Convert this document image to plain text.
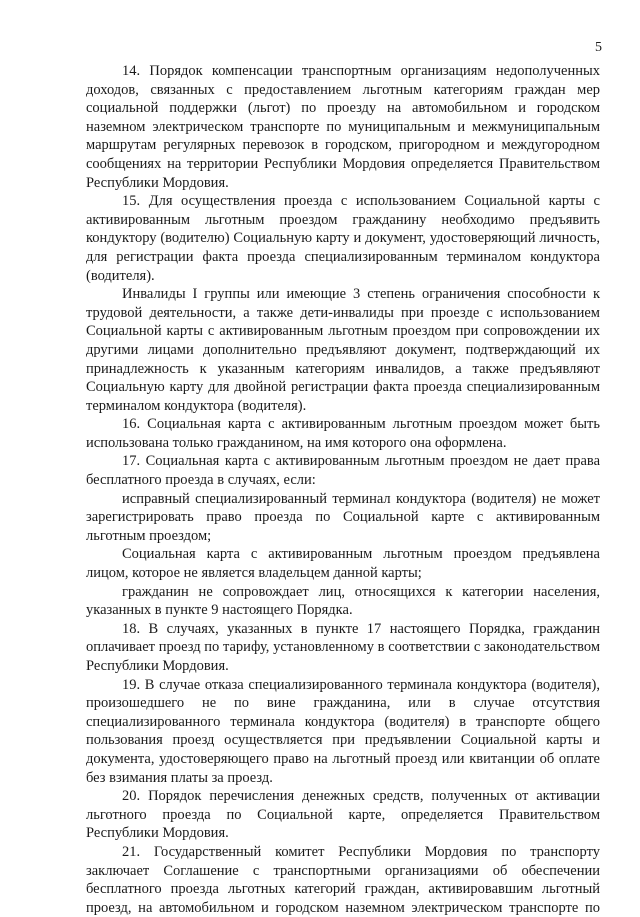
5

14. Порядок компенсации транспортным организациям недополученных доходов, связанных с предоставлением льготным категориям граждан мер социальной поддержки (льгот) по проезду на автомобильном и городском наземном электрическом транспорте по муниципальным и межмуниципальным маршрутам регулярных перевозок в городском, пригородном и междугородном сообщениях на территории Республики Мордовия определяется Правительством Республики Мордовия.

15. Для осуществления проезда с использованием Социальной карты с активированным льготным проездом гражданину необходимо предъявить кондуктору (водителю) Социальную карту и документ, удостоверяющий личность, для регистрации факта проезда специализированным терминалом кондуктора (водителя).

Инвалиды I группы или имеющие 3 степень ограничения способности к трудовой деятельности, а также дети-инвалиды при проезде с использованием Социальной карты с активированным льготным проездом при сопровождении их другими лицами дополнительно предъявляют документ, подтверждающий их принадлежность к указанным категориям инвалидов, а также предъявляют Социальную карту для двойной регистрации факта проезда специализированным терминалом кондуктора (водителя).

16. Социальная карта с активированным льготным проездом может быть использована только гражданином, на имя которого она оформлена.

17. Социальная карта с активированным льготным проездом не дает права бесплатного проезда в случаях, если:

исправный специализированный терминал кондуктора (водителя) не может зарегистрировать право проезда по Социальной карте с активированным льготным проездом;

Социальная карта с активированным льготным проездом предъявлена лицом, которое не является владельцем данной карты;

гражданин не сопровождает лиц, относящихся к категории населения, указанных в пункте 9 настоящего Порядка.

18. В случаях, указанных в пункте 17 настоящего Порядка, гражданин оплачивает проезд по тарифу, установленному в соответствии с законодательством Республики Мордовия.

19. В случае отказа специализированного терминала кондуктора (водителя), произошедшего не по вине гражданина, или в случае отсутствия специализированного терминала кондуктора (водителя) в транспорте общего пользования проезд осуществляется при предъявлении Социальной карты и документа, удостоверяющего право на льготный проезд или квитанции об оплате без взимания платы за проезд.

20. Порядок перечисления денежных средств, полученных от активации льготного проезда по Социальной карте, определяется Правительством Республики Мордовия.

21. Государственный комитет Республики Мордовия по транспорту заключает Соглашение с транспортными организациями об обеспечении бесплатного проезда льготных категорий граждан, активировавшим льготный проезд, на автомобильном и городском наземном электрическом транспорте по
